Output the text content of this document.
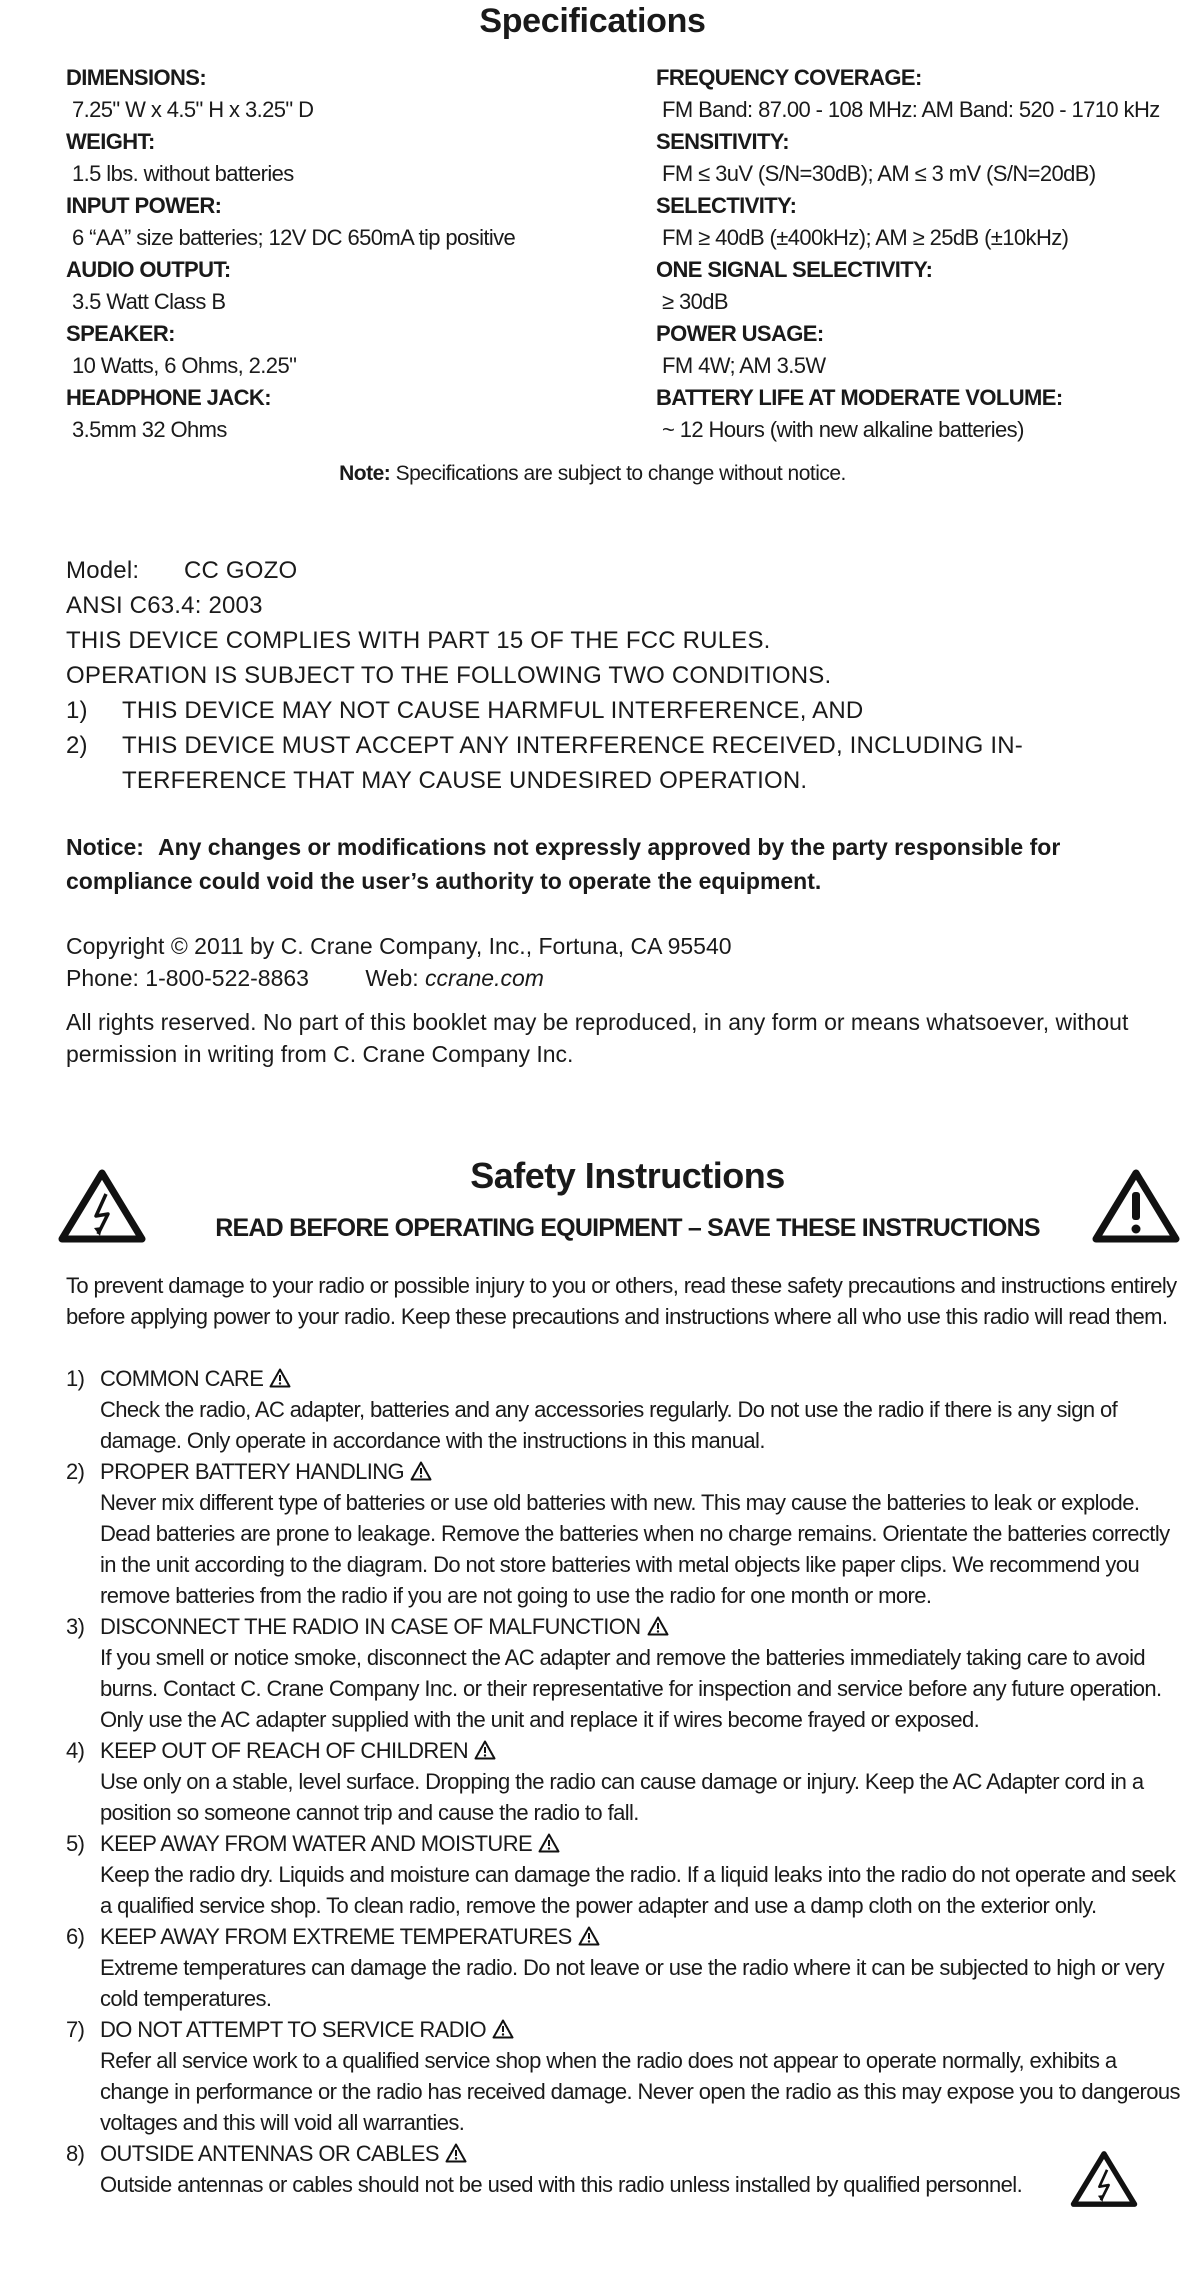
Specifications
DIMENSIONS:
7.25" W x 4.5" H x 3.25" D
WEIGHT:
1.5 lbs. without batteries
INPUT POWER:
6 “AA” size batteries; 12V DC 650mA tip positive
AUDIO OUTPUT:
3.5 Watt Class B
SPEAKER:
10 Watts, 6 Ohms, 2.25"
HEADPHONE JACK:
3.5mm 32 Ohms
FREQUENCY COVERAGE:
FM Band: 87.00 - 108 MHz: AM Band: 520 - 1710 kHz
SENSITIVITY:
FM ≤ 3uV (S/N=30dB); AM ≤ 3 mV (S/N=20dB)
SELECTIVITY:
FM ≥ 40dB (±400kHz); AM ≥ 25dB (±10kHz)
ONE SIGNAL SELECTIVITY:
≥ 30dB
POWER USAGE:
FM 4W; AM 3.5W
BATTERY LIFE AT MODERATE VOLUME:
~ 12 Hours (with new alkaline batteries)
Note: Specifications are subject to change without notice.
Model: CC GOZO
ANSI C63.4: 2003
THIS DEVICE COMPLIES WITH PART 15 OF THE FCC RULES.
OPERATION IS SUBJECT TO THE FOLLOWING TWO CONDITIONS.
1) THIS DEVICE MAY NOT CAUSE HARMFUL INTERFERENCE, AND
2) THIS DEVICE MUST ACCEPT ANY INTERFERENCE RECEIVED, INCLUDING IN-
TERFERENCE THAT MAY CAUSE UNDESIRED OPERATION.
Notice: Any changes or modifications not expressly approved by the party responsible for compliance could void the user’s authority to operate the equipment.
Copyright © 2011 by C. Crane Company, Inc., Fortuna, CA 95540
Phone: 1-800-522-8863 Web: ccrane.com
All rights reserved. No part of this booklet may be reproduced, in any form or means whatsoever, without permission in writing from C. Crane Company Inc.
Safety Instructions
READ BEFORE OPERATING EQUIPMENT – SAVE THESE INSTRUCTIONS
To prevent damage to your radio or possible injury to you or others, read these safety precautions and instructions entirely before applying power to your radio. Keep these precautions and instructions where all who use this radio will read them.
1) COMMON CARE
Check the radio, AC adapter, batteries and any accessories regularly. Do not use the radio if there is any sign of damage. Only operate in accordance with the instructions in this manual.
2) PROPER BATTERY HANDLING
Never mix different type of batteries or use old batteries with new. This may cause the batteries to leak or explode. Dead batteries are prone to leakage. Remove the batteries when no charge remains. Orientate the batteries correctly in the unit according to the diagram. Do not store batteries with metal objects like paper clips. We recommend you remove batteries from the radio if you are not going to use the radio for one month or more.
3) DISCONNECT THE RADIO IN CASE OF MALFUNCTION
If you smell or notice smoke, disconnect the AC adapter and remove the batteries immediately taking care to avoid burns. Contact C. Crane Company Inc. or their representative for inspection and service before any future operation. Only use the AC adapter supplied with the unit and replace it if wires become frayed or exposed.
4) KEEP OUT OF REACH OF CHILDREN
Use only on a stable, level surface. Dropping the radio can cause damage or injury. Keep the AC Adapter cord in a position so someone cannot trip and cause the radio to fall.
5) KEEP AWAY FROM WATER AND MOISTURE
Keep the radio dry. Liquids and moisture can damage the radio. If a liquid leaks into the radio do not operate and seek a qualified service shop. To clean radio, remove the power adapter and use a damp cloth on the exterior only.
6) KEEP AWAY FROM EXTREME TEMPERATURES
Extreme temperatures can damage the radio. Do not leave or use the radio where it can be subjected to high or very cold temperatures.
7) DO NOT ATTEMPT TO SERVICE RADIO
Refer all service work to a qualified service shop when the radio does not appear to operate normally, exhibits a change in performance or the radio has received damage. Never open the radio as this may expose you to dangerous voltages and this will void all warranties.
8) OUTSIDE ANTENNAS OR CABLES
Outside antennas or cables should not be used with this radio unless installed by qualified personnel.
